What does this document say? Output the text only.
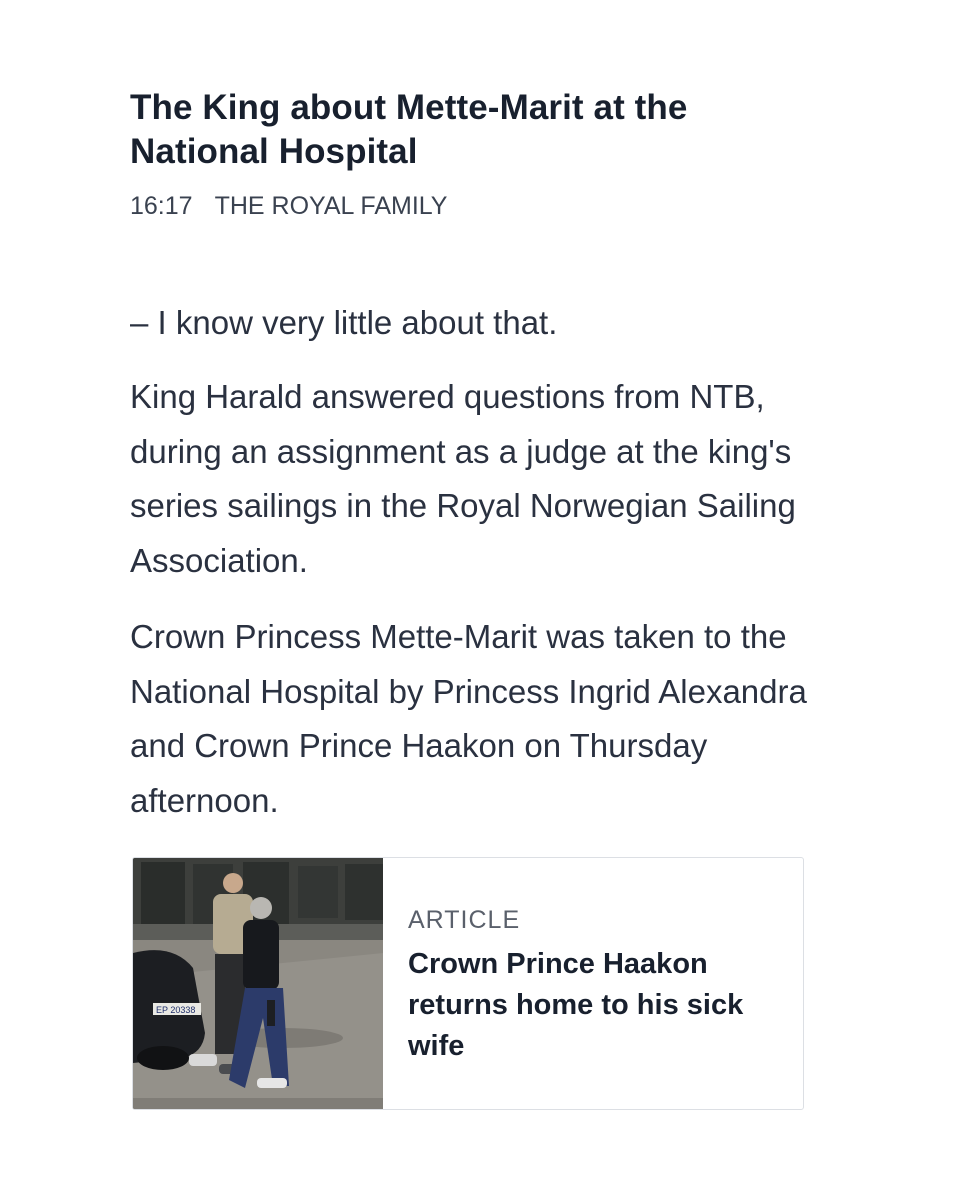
The King about Mette-Marit at the National Hospital
16:17 THE ROYAL FAMILY

– I know very little about that.

King Harald answered questions from NTB, during an assignment as a judge at the king's series sailings in the Royal Norwegian Sailing Association.

Crown Princess Mette-Marit was taken to the National Hospital by Princess Ingrid Alexandra and Crown Prince Haakon on Thursday afternoon.

EP 20338
ARTICLE
Crown Prince Haakon returns home to his sick wife
